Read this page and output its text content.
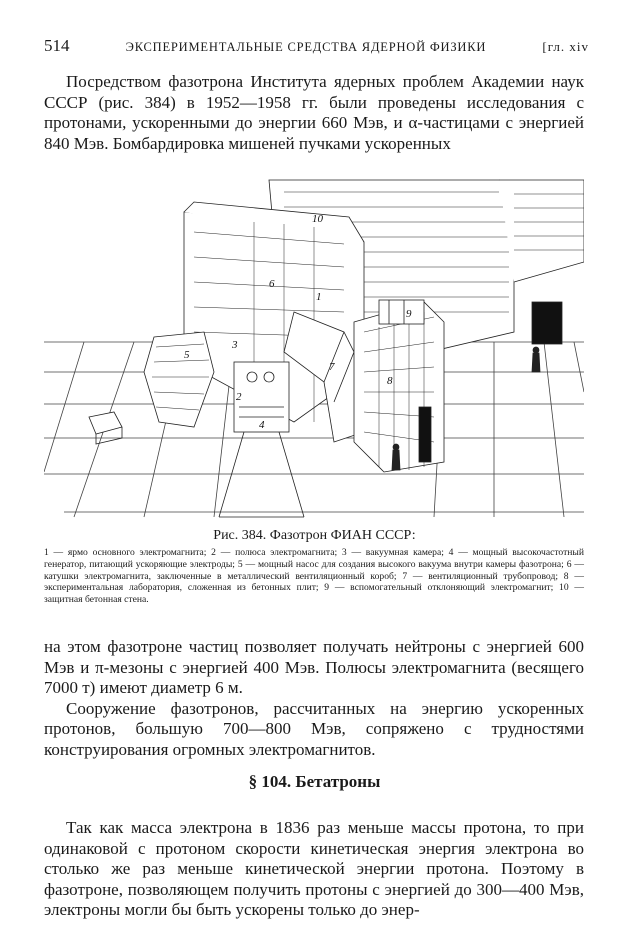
514	ЭКСПЕРИМЕНТАЛЬНЫЕ СРЕДСТВА ЯДЕРНОЙ ФИЗИКИ	[гл. xiv

Посредством фазотрона Института ядерных проблем Академии наук СССР (рис. 384) в 1952—1958 гг. были проведены исследования с протонами, ускоренными до энергии 660 Мэв, и α-частицами с энергией 840 Мэв. Бомбардировка мишеней пучками ускоренных

1
2
3
4
5
6
7
8
9
10

Рис. 384. Фазотрон ФИАН СССР:

1 — ярмо основного электромагнита; 2 — полюса электромагнита; 3 — вакуумная камера; 4 — мощный высокочастотный генератор, питающий ускоряющие электроды; 5 — мощный насос для создания высокого вакуума внутри камеры фазотрона; 6 — катушки электромагнита, заключенные в металлический вентиляционный короб; 7 — вентиляционный трубопровод; 8 — экспериментальная лаборатория, сложенная из бетонных плит; 9 — вспомогательный отклоняющий электромагнит; 10 — защитная бетонная стена.

на этом фазотроне частиц позволяет получать нейтроны с энергией 600 Мэв и π-мезоны с энергией 400 Мэв. Полюсы электромагнита (весящего 7000 т) имеют диаметр 6 м.

Сооружение фазотронов, рассчитанных на энергию ускоренных протонов, большую 700—800 Мэв, сопряжено с трудностями конструирования огромных электромагнитов.

§ 104. Бетатроны

Так как масса электрона в 1836 раз меньше массы протона, то при одинаковой с протоном скорости кинетическая энергия электрона во столько же раз меньше кинетической энергии протона. Поэтому в фазотроне, позволяющем получить протоны с энергией до 300—400 Мэв, электроны могли бы быть ускорены только до энер-
